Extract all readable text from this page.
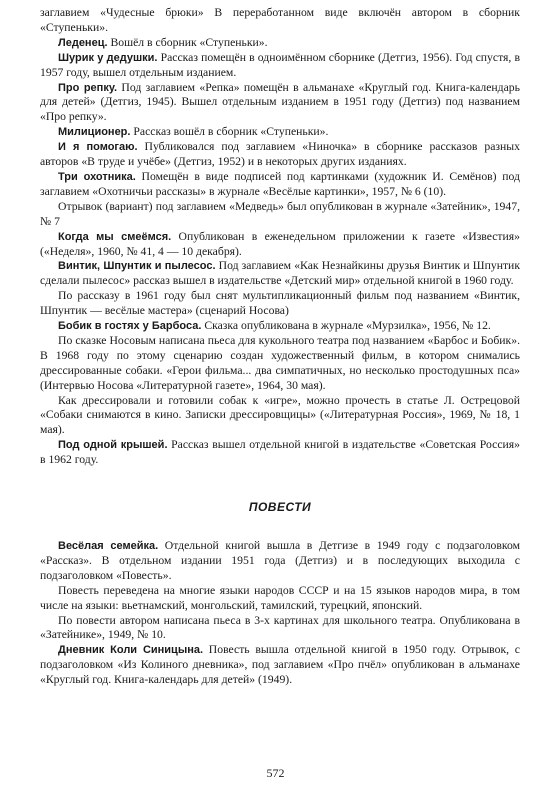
заглавием «Чудесные брюки» В переработанном виде включён автором в сборник «Ступеньки».

Леденец. Вошёл в сборник «Ступеньки».

Шурик у дедушки. Рассказ помещён в одноимённом сборнике (Детгиз, 1956). Год спустя, в 1957 году, вышел отдельным изданием.

Про репку. Под заглавием «Репка» помещён в альманахе «Круглый год. Книга-календарь для детей» (Детгиз, 1945). Вышел отдельным изданием в 1951 году (Детгиз) под названием «Про репку».

Милиционер. Рассказ вошёл в сборник «Ступеньки».

И я помогаю. Публиковался под заглавием «Ниночка» в сборнике рассказов разных авторов «В труде и учёбе» (Детгиз, 1952) и в некоторых других изданиях.

Три охотника. Помещён в виде подписей под картинками (художник И. Семёнов) под заглавием «Охотничьи рассказы» в журнале «Весёлые картинки», 1957, № 6 (10).

Отрывок (вариант) под заглавием «Медведь» был опубликован в журнале «Затейник», 1947, № 7

Когда мы смеёмся. Опубликован в еженедельном приложении к газете «Известия» («Неделя», 1960, № 41, 4 — 10 декабря).

Винтик, Шпунтик и пылесос. Под заглавием «Как Незнайкины друзья Винтик и Шпунтик сделали пылесос» рассказ вышел в издательстве «Детский мир» отдельной книгой в 1960 году.

По рассказу в 1961 году был снят мультипликационный фильм под названием «Винтик, Шпунтик — весёлые мастера» (сценарий Носова)

Бобик в гостях у Барбоса. Сказка опубликована в журнале «Мурзилка», 1956, № 12.

По сказке Носовым написана пьеса для кукольного театра под названием «Барбос и Бобик». В 1968 году по этому сценарию создан художественный фильм, в котором снимались дрессированные собаки. «Герои фильма... два симпатичных, но несколько простодушных пса» (Интервью Носова «Литературной газете», 1964, 30 мая).

Как дрессировали и готовили собак к «игре», можно прочесть в статье Л. Острецовой «Собаки снимаются в кино. Записки дрессировщицы» («Литературная Россия», 1969, № 18, 1 мая).

Под одной крышей. Рассказ вышел отдельной книгой в издательстве «Советская Россия» в 1962 году.

ПОВЕСТИ

Весёлая семейка. Отдельной книгой вышла в Детгизе в 1949 году с подзаголовком «Рассказ». В отдельном издании 1951 года (Детгиз) и в последующих выходила с подзаголовком «Повесть».

Повесть переведена на многие языки народов СССР и на 15 языков народов мира, в том числе на языки: вьетнамский, монгольский, тамилский, турецкий, японский.

По повести автором написана пьеса в 3-х картинах для школьного театра. Опубликована в «Затейнике», 1949, № 10.

Дневник Коли Синицына. Повесть вышла отдельной книгой в 1950 году. Отрывок, с подзаголовком «Из Колиного дневника», под заглавием «Про пчёл» опубликован в альманахе «Круглый год. Книга-календарь для детей» (1949).

572
